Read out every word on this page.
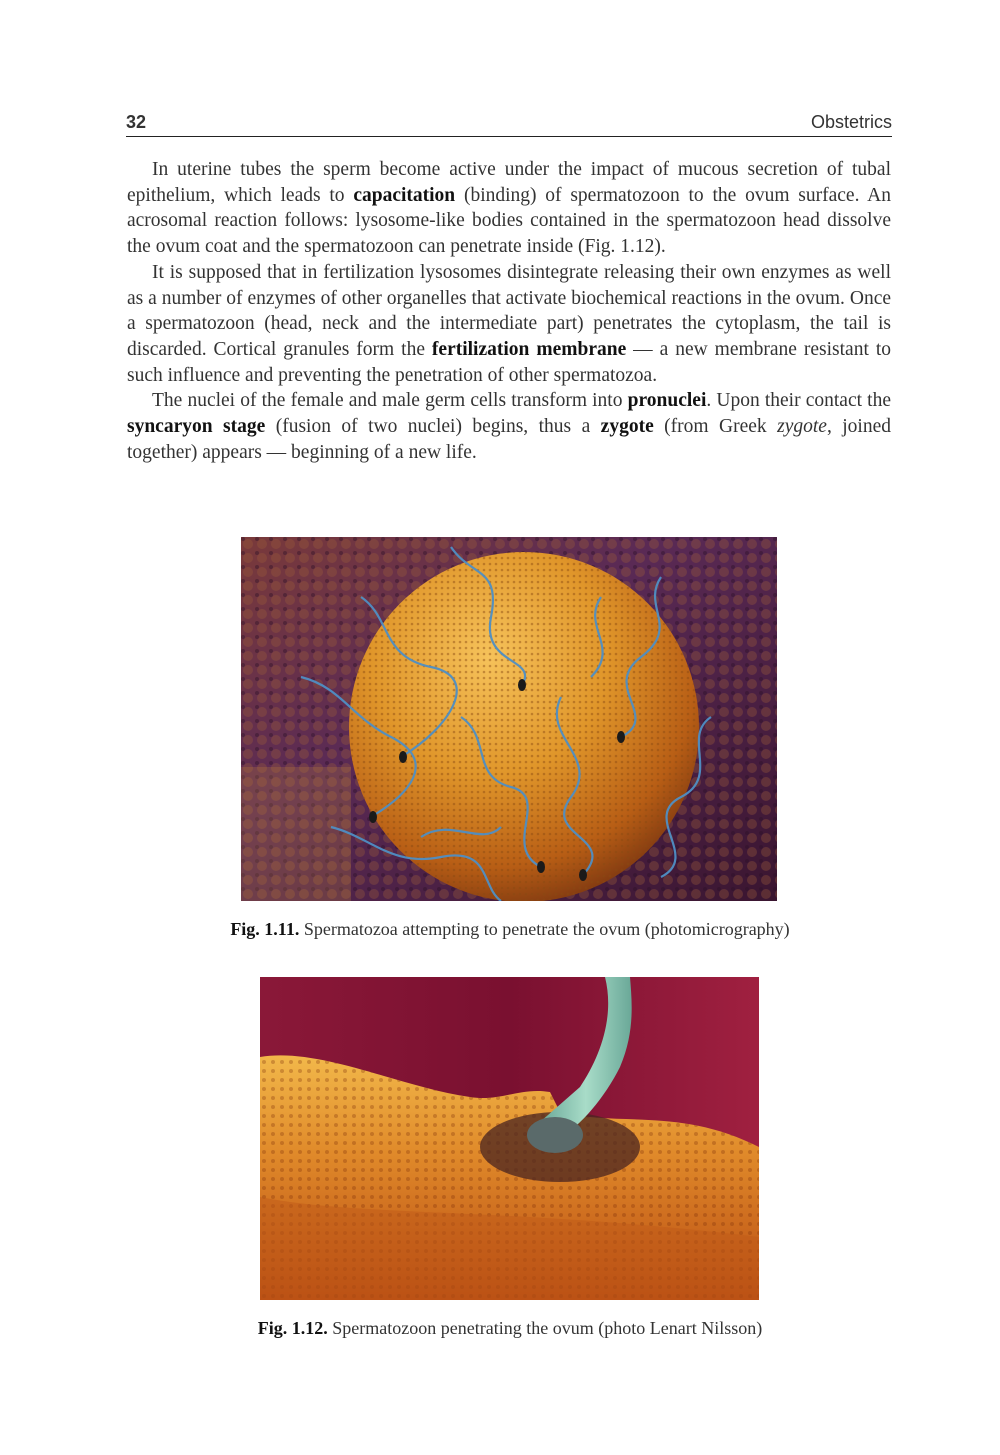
32	Obstetrics

In uterine tubes the sperm become active under the impact of mucous secretion of tubal epithelium, which leads to capacitation (binding) of spermatozoon to the ovum surface. An acrosomal reaction follows: lysosome-like bodies contained in the spermatozoon head dissolve the ovum coat and the spermatozoon can penetrate inside (Fig. 1.12).

It is supposed that in fertilization lysosomes disintegrate releasing their own enzymes as well as a number of enzymes of other organelles that activate biochemical reactions in the ovum. Once a spermatozoon (head, neck and the intermediate part) penetrates the cytoplasm, the tail is discarded. Cortical granules form the fertilization membrane — a new membrane resistant to such influence and preventing the penetration of other spermatozoa.

The nuclei of the female and male germ cells transform into pronuclei. Upon their contact the syncaryon stage (fusion of two nuclei) begins, thus a zygote (from Greek zygote, joined together) appears — beginning of a new life.

Fig. 1.11. Spermatozoa attempting to penetrate the ovum (photomicrography)
Fig. 1.12. Spermatozoon penetrating the ovum (photo Lenart Nilsson)
